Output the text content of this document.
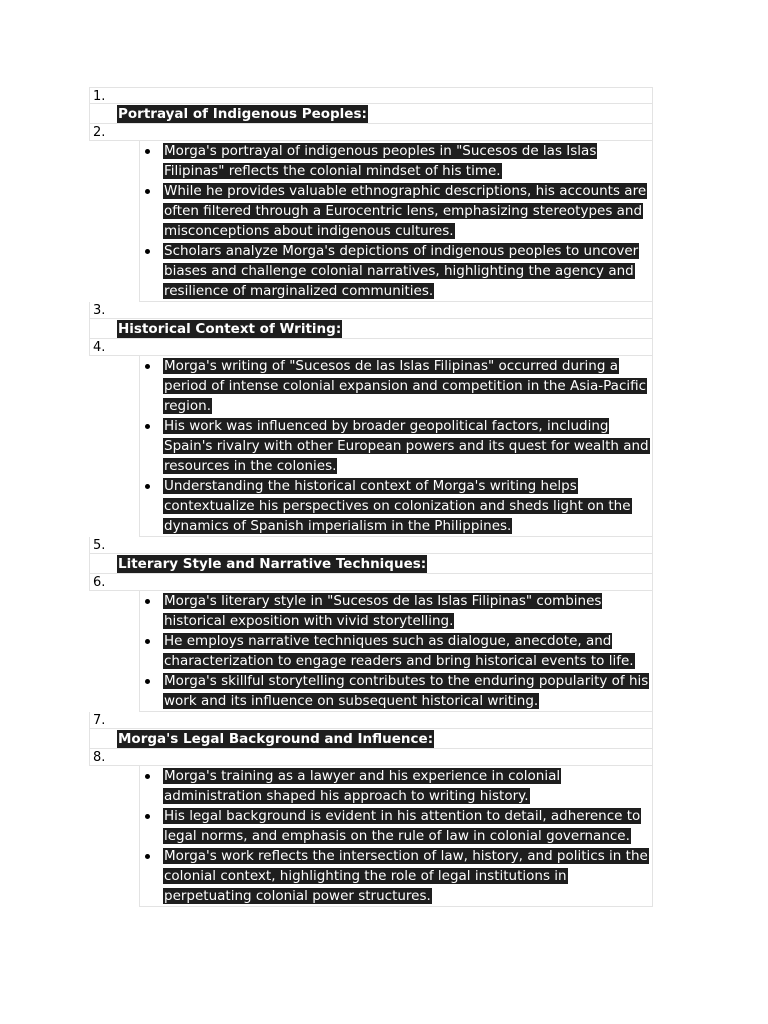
1.
Portrayal of Indigenous Peoples:
2.
Morga's portrayal of indigenous peoples in "Sucesos de las Islas Filipinas" reflects the colonial mindset of his time.
While he provides valuable ethnographic descriptions, his accounts are often filtered through a Eurocentric lens, emphasizing stereotypes and misconceptions about indigenous cultures.
Scholars analyze Morga's depictions of indigenous peoples to uncover biases and challenge colonial narratives, highlighting the agency and resilience of marginalized communities.
3.
Historical Context of Writing:
4.
Morga's writing of "Sucesos de las Islas Filipinas" occurred during a period of intense colonial expansion and competition in the Asia-Pacific region.
His work was influenced by broader geopolitical factors, including Spain's rivalry with other European powers and its quest for wealth and resources in the colonies.
Understanding the historical context of Morga's writing helps contextualize his perspectives on colonization and sheds light on the dynamics of Spanish imperialism in the Philippines.
5.
Literary Style and Narrative Techniques:
6.
Morga's literary style in "Sucesos de las Islas Filipinas" combines historical exposition with vivid storytelling.
He employs narrative techniques such as dialogue, anecdote, and characterization to engage readers and bring historical events to life.
Morga's skillful storytelling contributes to the enduring popularity of his work and its influence on subsequent historical writing.
7.
Morga's Legal Background and Influence:
8.
Morga's training as a lawyer and his experience in colonial administration shaped his approach to writing history.
His legal background is evident in his attention to detail, adherence to legal norms, and emphasis on the rule of law in colonial governance.
Morga's work reflects the intersection of law, history, and politics in the colonial context, highlighting the role of legal institutions in perpetuating colonial power structures.
